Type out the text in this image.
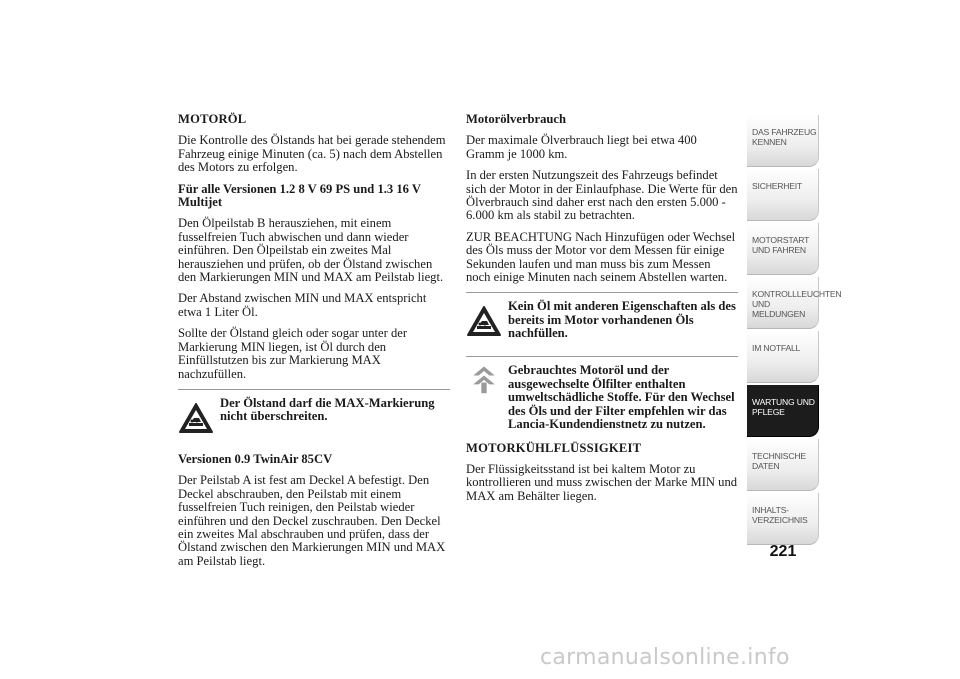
MOTORÖL

Die Kontrolle des Ölstands hat bei gerade stehendem Fahrzeug einige Minuten (ca. 5) nach dem Abstellen des Motors zu erfolgen.

Für alle Versionen 1.2 8 V 69 PS und 1.3 16 V Multijet

Den Ölpeilstab B herausziehen, mit einem fusselfreien Tuch abwischen und dann wieder einführen. Den Ölpeilstab ein zweites Mal herausziehen und prüfen, ob der Ölstand zwischen den Markierungen MIN und MAX am Peilstab liegt.

Der Abstand zwischen MIN und MAX entspricht etwa 1 Liter Öl.

Sollte der Ölstand gleich oder sogar unter der Markierung MIN liegen, ist Öl durch den Einfüllstutzen bis zur Markierung MAX nachzufüllen.

Der Ölstand darf die MAX-Markierung nicht überschreiten.

Versionen 0.9 TwinAir 85CV

Der Peilstab A ist fest am Deckel A befestigt. Den Deckel abschrauben, den Peilstab mit einem fusselfreien Tuch reinigen, den Peilstab wieder einführen und den Deckel zuschrauben. Den Deckel ein zweites Mal abschrauben und prüfen, dass der Ölstand zwischen den Markierungen MIN und MAX am Peilstab liegt.

Motorölverbrauch

Der maximale Ölverbrauch liegt bei etwa 400 Gramm je 1000 km.

In der ersten Nutzungszeit des Fahrzeugs befindet sich der Motor in der Einlaufphase. Die Werte für den Ölverbrauch sind daher erst nach den ersten 5.000 - 6.000 km als stabil zu betrachten.

ZUR BEACHTUNG Nach Hinzufügen oder Wechsel des Öls muss der Motor vor dem Messen für einige Sekunden laufen und man muss bis zum Messen noch einige Minuten nach seinem Abstellen warten.

Kein Öl mit anderen Eigenschaften als des bereits im Motor vorhandenen Öls nachfüllen.
Gebrauchtes Motoröl und der ausgewechselte Ölfilter enthalten umweltschädliche Stoffe. Für den Wechsel des Öls und der Filter empfehlen wir das Lancia-Kundendienstnetz zu nutzen.

MOTORKÜHLFLÜSSIGKEIT

Der Flüssigkeitsstand ist bei kaltem Motor zu kontrollieren und muss zwischen der Marke MIN und MAX am Behälter liegen.

DAS FAHRZEUG KENNEN
SICHERHEIT
MOTORSTART UND FAHREN
KONTROLLLEUCHTEN UND MELDUNGEN
IM NOTFALL
WARTUNG UND PFLEGE
TECHNISCHE DATEN
INHALTS-VERZEICHNIS
221
carmanualsonline.info
